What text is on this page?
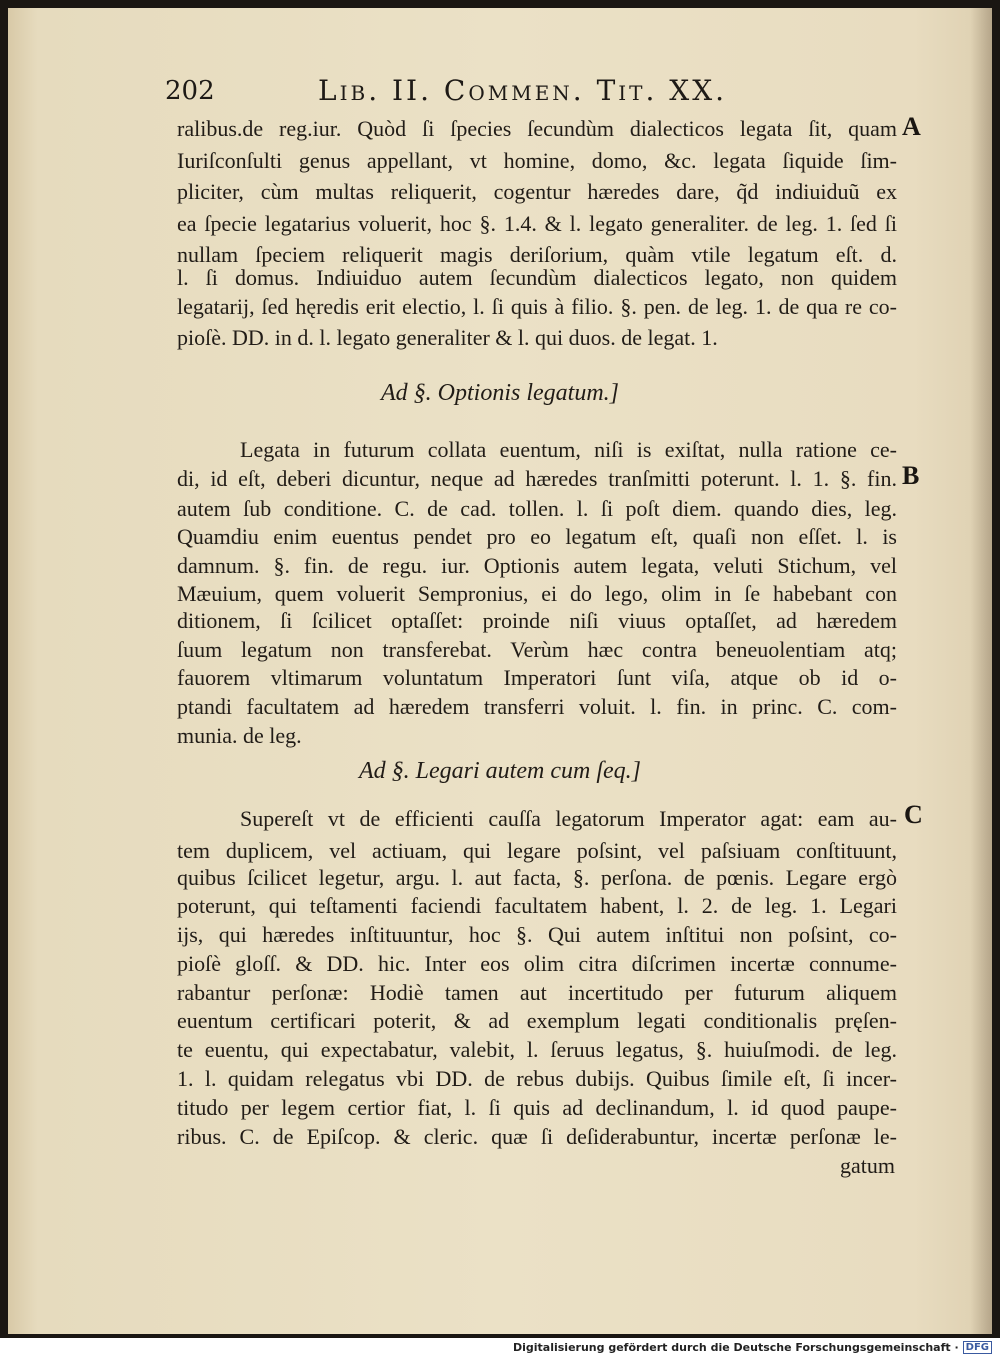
202	Lib. II. Commen. Tit. XX.
A
B
C
ralibus.de reg.iur. Quòd ſi ſpecies ſecundùm dialecticos legata ſit, quam
Iuriſconſulti genus appellant, vt homine, domo, &c. legata ſiquide ſim-
pliciter, cùm multas reliquerit, cogentur hæredes dare, q̃d indiuiduũ ex
ea ſpecie legatarius voluerit, hoc §. 1.4. & l. legato generaliter. de leg. 1. ſed ſi
nullam ſpeciem reliquerit magis deriſorium, quàm vtile legatum eſt. d.
l. ſi domus. Indiuiduo autem ſecundùm dialecticos legato, non quidem
legatarij, ſed hęredis erit electio, l. ſi quis à filio. §. pen. de leg. 1. de qua re co-
pioſè. DD. in d. l. legato generaliter & l. qui duos. de legat. 1.
Ad §. Optionis legatum.]
Legata in futurum collata euentum, niſi is exiſtat, nulla ratione ce-
di, id eſt, deberi dicuntur, neque ad hæredes tranſmitti poterunt. l. 1. §. fin.
autem ſub conditione. C. de cad. tollen. l. ſi poſt diem. quando dies, leg.
Quamdiu enim euentus pendet pro eo legatum eſt, quaſi non eſſet. l. is
damnum. §. fin. de regu. iur. Optionis autem legata, veluti Stichum, vel
Mæuium, quem voluerit Sempronius, ei do lego, olim in ſe habebant con
ditionem, ſi ſcilicet optaſſet: proinde niſi viuus optaſſet, ad hæredem
ſuum legatum non transferebat. Verùm hæc contra beneuolentiam atq;
fauorem vltimarum voluntatum Imperatori ſunt viſa, atque ob id o-
ptandi facultatem ad hæredem transferri voluit. l. fin. in princ. C. com-
munia. de leg.
Ad §. Legari autem cum ſeq.]
Supereſt vt de efficienti cauſſa legatorum Imperator agat: eam au-
tem duplicem, vel actiuam, qui legare poſsint, vel paſsiuam conſtituunt,
quibus ſcilicet legetur, argu. l. aut facta, §. perſona. de pœnis. Legare ergò
poterunt, qui teſtamenti faciendi facultatem habent, l. 2. de leg. 1. Legari
ijs, qui hæredes inſtituuntur, hoc §. Qui autem inſtitui non poſsint, co-
pioſè gloſſ. & DD. hic. Inter eos olim citra diſcrimen incertæ connume-
rabantur perſonæ: Hodiè tamen aut incertitudo per futurum aliquem
euentum certificari poterit, & ad exemplum legati conditionalis pręſen-
te euentu, qui expectabatur, valebit, l. ſeruus legatus, §. huiuſmodi. de leg.
1. l. quidam relegatus vbi DD. de rebus dubijs. Quibus ſimile eſt, ſi incer-
titudo per legem certior fiat, l. ſi quis ad declinandum, l. id quod paupe-
ribus. C. de Epiſcop. & cleric. quæ ſi deſiderabuntur, incertæ perſonæ le-
gatum
Digitalisierung gefördert durch die Deutsche Forschungsgemeinschaft · DFG
